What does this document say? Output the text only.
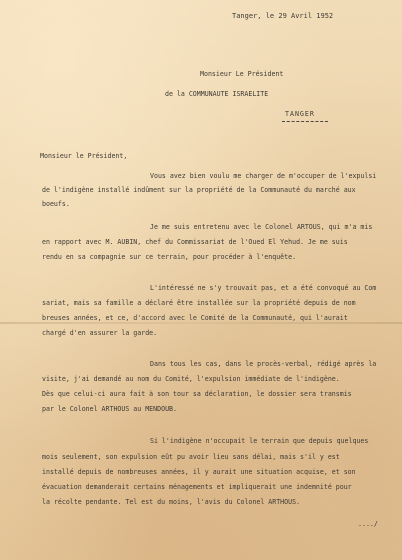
Tanger, le 29 Avril 1952
Monsieur Le Président
de la COMMUNAUTE ISRAELITE
TANGER
Monsieur le Président,
Vous avez bien voulu me charger de m'occuper de l'expulsi
de l'indigène installé indûment sur la propriété de la Communauté du marché aux
boeufs.
Je me suis entretenu avec le Colonel ARTOUS, qui m'a mis
en rapport avec M. AUBIN, chef du Commissariat de l'Oued El Yehud. Je me suis
rendu en sa compagnie sur ce terrain, pour procéder à l'enquête.
L'intéressé ne s'y trouvait pas, et a été convoqué au Com
sariat, mais sa famille a déclaré être installée sur la propriété depuis de nom
breuses années, et ce, d'accord avec le Comité de la Communauté, qui l'aurait
chargé d'en assurer la garde.
Dans tous les cas, dans le procès-verbal, rédigé après la
visite, j'ai demandé au nom du Comité, l'expulsion immédiate de l'indigène.
Dès que celui-ci aura fait à son tour sa déclaration, le dossier sera transmis
par le Colonel ARTHOUS au MENDOUB.
Si l'indigène n'occupait le terrain que depuis quelques
mois seulement, son expulsion eût pu avoir lieu sans délai, mais s'il y est
installé depuis de nombreuses années, il y aurait une situation acquise, et son
évacuation demanderait certains ménagements et impliquerait une indemnité pour
la récolte pendante. Tel est du moins, l'avis du Colonel ARTHOUS.
..../
